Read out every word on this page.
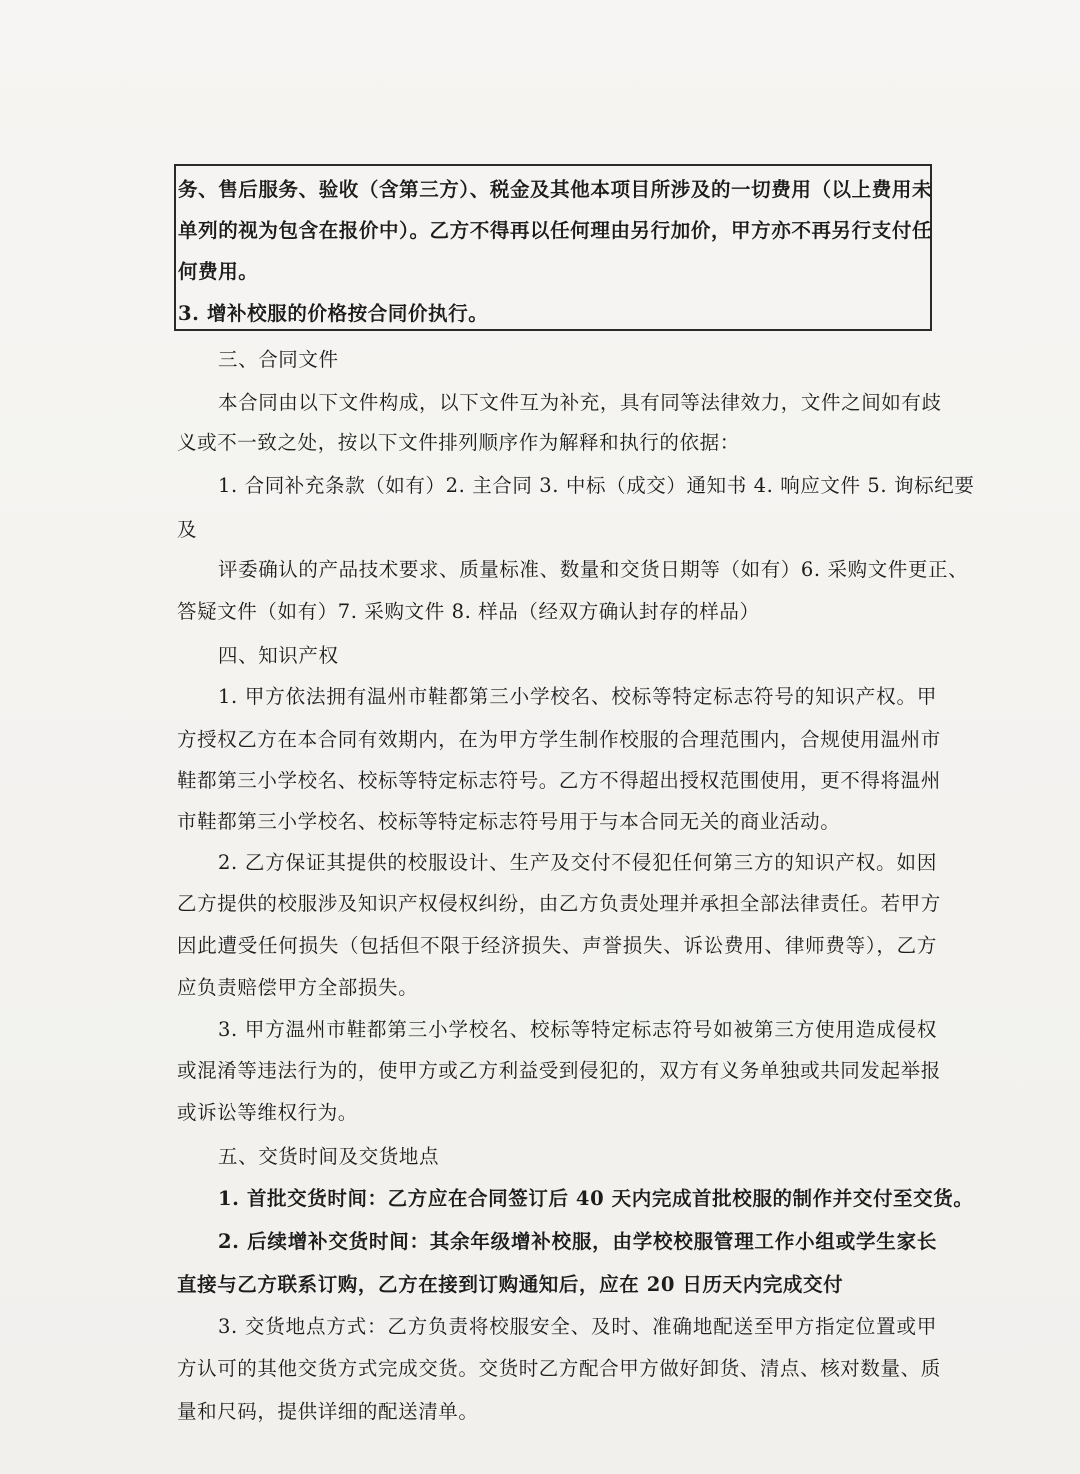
务、售后服务、验收（含第三方）、税金及其他本项目所涉及的一切费用（以上费用未
单列的视为包含在报价中）。乙方不得再以任何理由另行加价，甲方亦不再另行支付任
何费用。
3. 增补校服的价格按合同价执行。
三、合同文件
本合同由以下文件构成，以下文件互为补充，具有同等法律效力，文件之间如有歧
义或不一致之处，按以下文件排列顺序作为解释和执行的依据：
1. 合同补充条款（如有）2. 主合同 3. 中标（成交）通知书 4. 响应文件 5. 询标纪要
及
评委确认的产品技术要求、质量标准、数量和交货日期等（如有）6. 采购文件更正、
答疑文件（如有）7. 采购文件 8. 样品（经双方确认封存的样品）
四、知识产权
1. 甲方依法拥有温州市鞋都第三小学校名、校标等特定标志符号的知识产权。甲
方授权乙方在本合同有效期内，在为甲方学生制作校服的合理范围内，合规使用温州市
鞋都第三小学校名、校标等特定标志符号。乙方不得超出授权范围使用，更不得将温州
市鞋都第三小学校名、校标等特定标志符号用于与本合同无关的商业活动。
2. 乙方保证其提供的校服设计、生产及交付不侵犯任何第三方的知识产权。如因
乙方提供的校服涉及知识产权侵权纠纷，由乙方负责处理并承担全部法律责任。若甲方
因此遭受任何损失（包括但不限于经济损失、声誉损失、诉讼费用、律师费等），乙方
应负责赔偿甲方全部损失。
3. 甲方温州市鞋都第三小学校名、校标等特定标志符号如被第三方使用造成侵权
或混淆等违法行为的，使甲方或乙方利益受到侵犯的，双方有义务单独或共同发起举报
或诉讼等维权行为。
五、交货时间及交货地点
1. 首批交货时间：乙方应在合同签订后 40 天内完成首批校服的制作并交付至交货。
2. 后续增补交货时间：其余年级增补校服，由学校校服管理工作小组或学生家长
直接与乙方联系订购，乙方在接到订购通知后，应在 20 日历天内完成交付
3. 交货地点方式：乙方负责将校服安全、及时、准确地配送至甲方指定位置或甲
方认可的其他交货方式完成交货。交货时乙方配合甲方做好卸货、清点、核对数量、质
量和尺码，提供详细的配送清单。
